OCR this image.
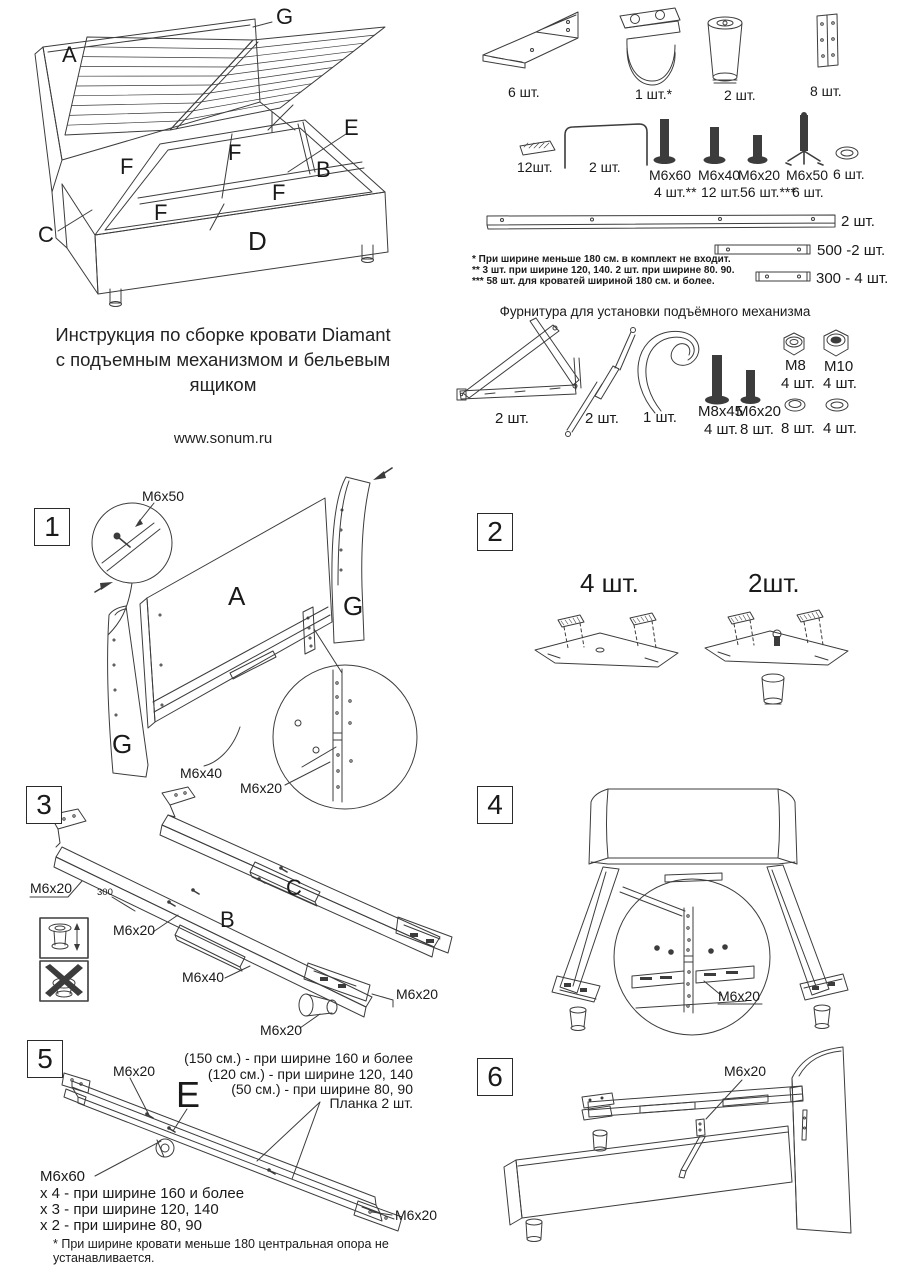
A
G
E
B
C	D
F
F
F
F
6 шт.	1 шт.*	2 шт.	8 шт.
12шт.	2 шт. M6x60
4 шт.**
M6x40
12 шт.
M6x20
56 шт.***
M6x50
6 шт.
6 шт.
2 шт.
500 -2 шт.
300 - 4 шт.
* При ширине меньше 180 см. в комплект не входит.
** 3 шт. при ширине 120, 140. 2 шт. при ширине 80. 90.
*** 58 шт. для кроватей шириной 180 см. и более.
Фурнитура для установки подъёмного механизма
2 шт.	2 шт. 1 шт. M8x45
4 шт.
M6x20
8 шт.
M8
4 шт.
M10
4 шт.
8 шт. 4 шт.
Инструкция по сборке кровати Diamant
с подъемным механизмом и бельевым ящиком
www.sonum.ru
1	2
3	4
5
6
M6x50
A	G
G
M6x40
M6x20
4 шт.	2шт.
M6x20	300
M6x20	B
C
M6x40
M6x20
M6x20
M6x20
M6x20
E
(150 см.) - при ширине 160 и более
(120 см.) - при ширине 120, 140
(50 см.) - при ширине 80, 90
Планка 2 шт.
M6x60
х 4 - при ширине 160 и более
х 3 - при ширине 120, 140
х 2 - при ширине 80, 90
M6x20
M6x20
* При ширине кровати меньше 180 центральная опора не устанавливается.
